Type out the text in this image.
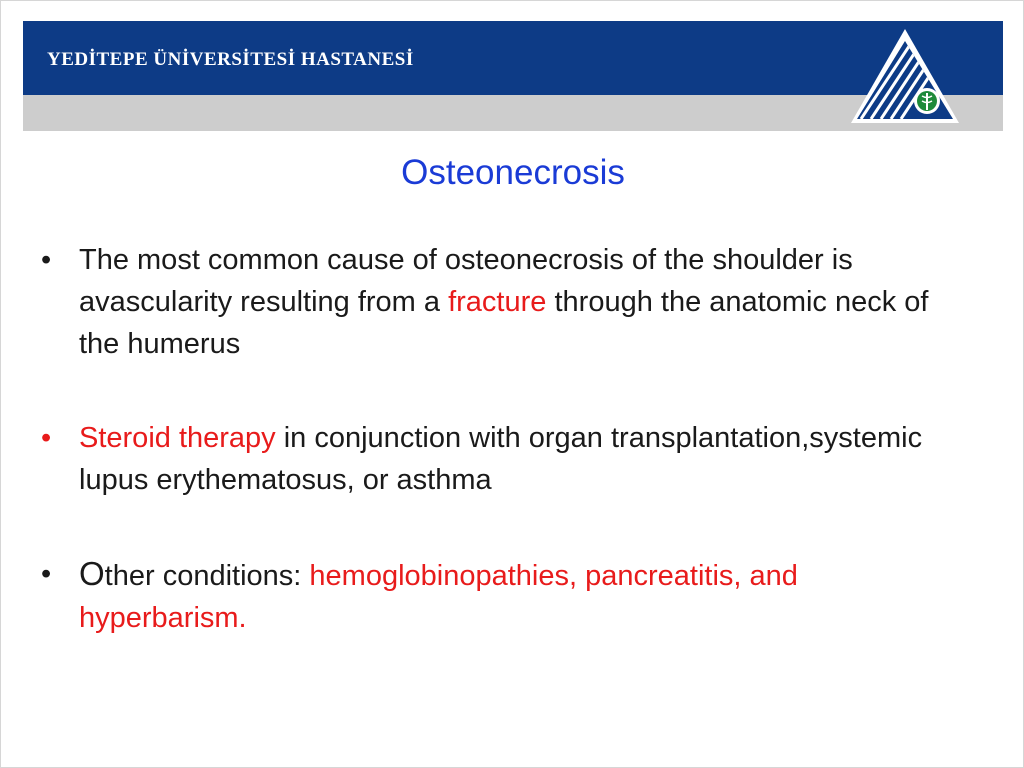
YEDİTEPE ÜNİVERSİTESİ HASTANESİ
Osteonecrosis
• The most common cause of osteonecrosis of the shoulder is avascularity resulting from a fracture through the anatomic neck of the humerus
• Steroid therapy in conjunction with organ transplantation,systemic lupus erythematosus, or asthma
• Other conditions: hemoglobinopathies, pancreatitis, and hyperbarism.
